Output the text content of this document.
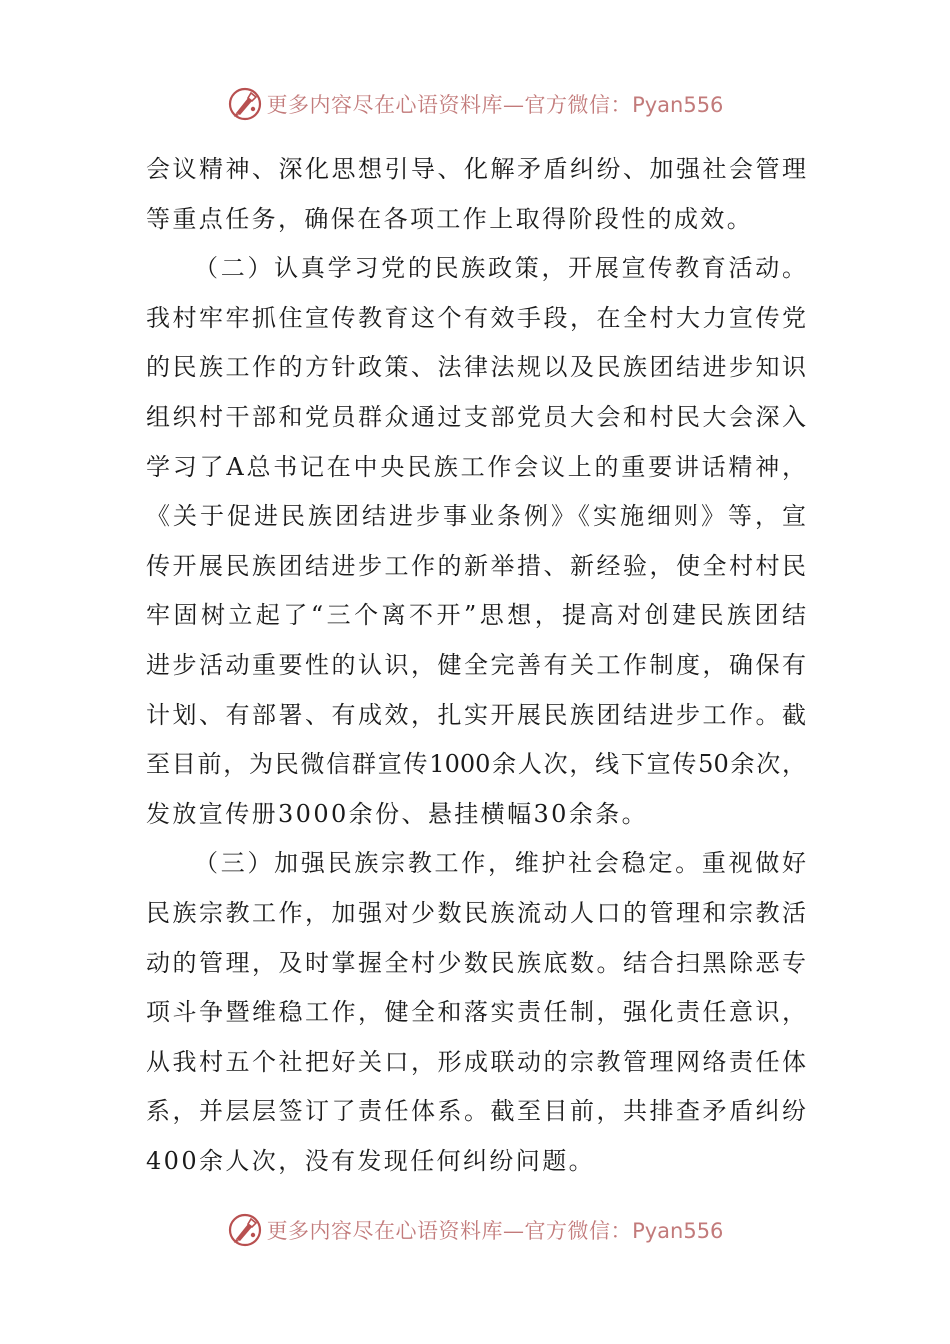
更多内容尽在心语资料库—官方微信：Pyan556
会议精神、深化思想引导、化解矛盾纠纷、加强社会管理
等重点任务，确保在各项工作上取得阶段性的成效。
（二）认真学习党的民族政策，开展宣传教育活动。
我村牢牢抓住宣传教育这个有效手段，在全村大力宣传党
的民族工作的方针政策、法律法规以及民族团结进步知识
组织村干部和党员群众通过支部党员大会和村民大会深入
学习了A总书记在中央民族工作会议上的重要讲话精神，
《关于促进民族团结进步事业条例》《实施细则》等，宣
传开展民族团结进步工作的新举措、新经验，使全村村民
牢固树立起了“三个离不开”思想，提高对创建民族团结
进步活动重要性的认识，健全完善有关工作制度，确保有
计划、有部署、有成效，扎实开展民族团结进步工作。截
至目前，为民微信群宣传1000余人次，线下宣传50余次，
发放宣传册3000余份、悬挂横幅30余条。
（三）加强民族宗教工作，维护社会稳定。重视做好
民族宗教工作，加强对少数民族流动人口的管理和宗教活
动的管理，及时掌握全村少数民族底数。结合扫黑除恶专
项斗争暨维稳工作，健全和落实责任制，强化责任意识，
从我村五个社把好关口，形成联动的宗教管理网络责任体
系，并层层签订了责任体系。截至目前，共排查矛盾纠纷
400余人次，没有发现任何纠纷问题。
更多内容尽在心语资料库—官方微信：Pyan556
